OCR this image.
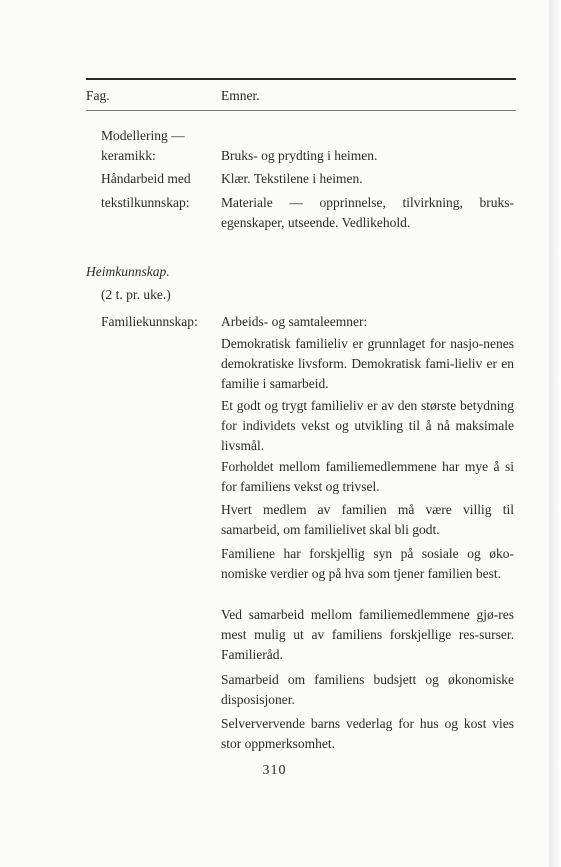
Fag.	Emner.
Modellering —
keramikk:	Bruks- og prydting i heimen.
Håndarbeid med Klær. Tekstilene i heimen.
tekstilkunnskap: Materiale — opprinnelse, tilvirkning, bruks-egenskaper, utseende. Vedlikehold.
Heimkunnskap.
(2 t. pr. uke.)
Familiekunnskap: Arbeids- og samtaleemner:
Demokratisk familieliv er grunnlaget for nasjo-nenes demokratiske livsform. Demokratisk fami-lieliv er en familie i samarbeid.
Et godt og trygt familieliv er av den største betydning for individets vekst og utvikling til å nå maksimale livsmål.
Forholdet mellom familiemedlemmene har mye å si for familiens vekst og trivsel.
Hvert medlem av familien må være villig til samarbeid, om familielivet skal bli godt.
Familiene har forskjellig syn på sosiale og øko-nomiske verdier og på hva som tjener familien best.
Ved samarbeid mellom familiemedlemmene gjø-res mest mulig ut av familiens forskjellige res-surser. Familieråd.
Samarbeid om familiens budsjett og økonomiske disposisjoner.
Selververvende barns vederlag for hus og kost vies stor oppmerksomhet.
310
